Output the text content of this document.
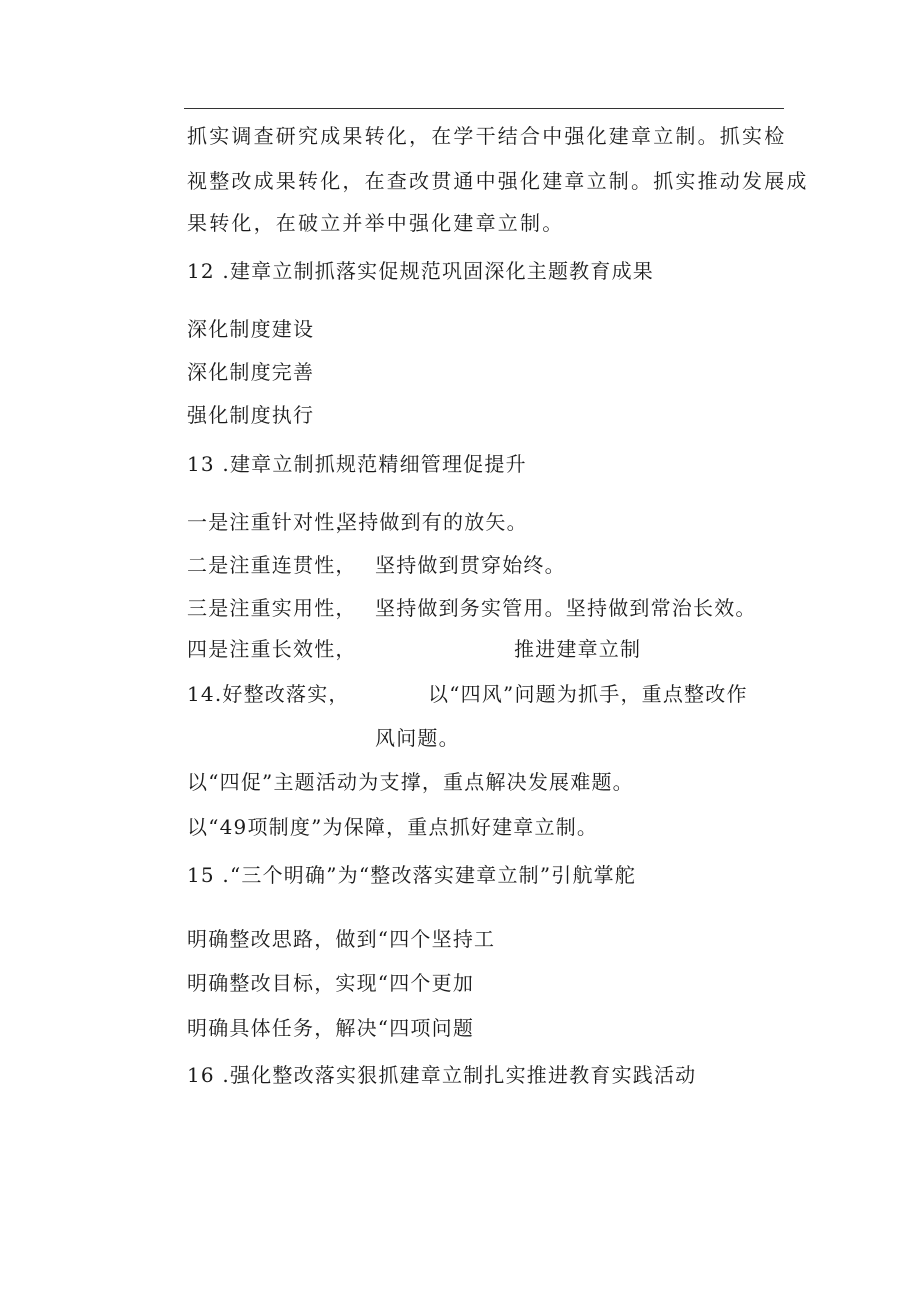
抓实调查研究成果转化，在学干结合中强化建章立制。抓实检
视整改成果转化，在查改贯通中强化建章立制。抓实推动发展成
果转化，在破立并举中强化建章立制。
12 .建章立制抓落实促规范巩固深化主题教育成果
深化制度建设
深化制度完善
强化制度执行
13 .建章立制抓规范精细管理促提升
一是注重针对性，
坚持做到有的放矢。
二是注重连贯性， 坚持做到贯穿始终。
三是注重实用性， 坚持做到务实管用。坚持做到常治长效。
四是注重长效性，	推进建章立制
14.好整改落实，	以“四风”问题为抓手，重点整改作
风问题。
以“四促”主题活动为支撑，重点解决发展难题。
以“49项制度”为保障，重点抓好建章立制。
15 .“三个明确”为“整改落实建章立制”引航掌舵
明确整改思路，做到“四个坚持工
明确整改目标，实现“四个更加
明确具体任务，解决“四项问题
16 .强化整改落实狠抓建章立制扎实推进教育实践活动
